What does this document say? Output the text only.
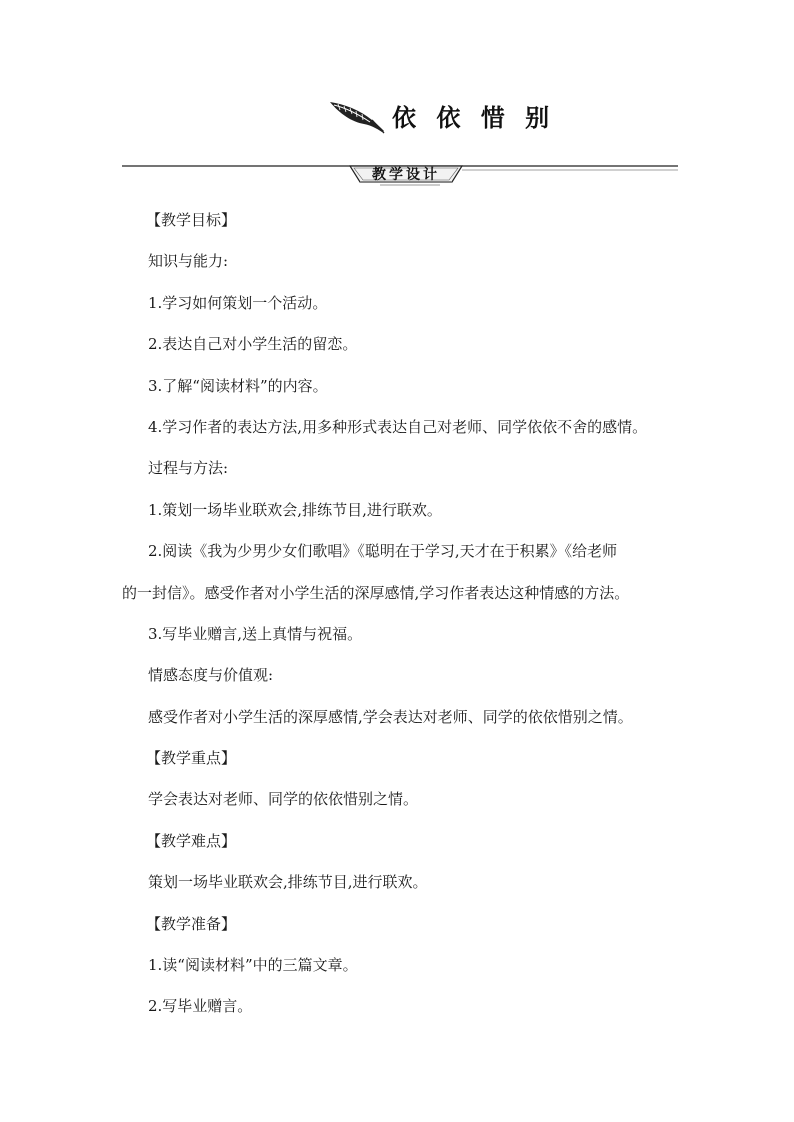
依 依 惜 别
教学设计
【教学目标】
知识与能力:
1.学习如何策划一个活动。
2.表达自己对小学生活的留恋。
3.了解“阅读材料”的内容。
4.学习作者的表达方法,用多种形式表达自己对老师、同学依依不舍的感情。
过程与方法:
1.策划一场毕业联欢会,排练节目,进行联欢。
2.阅读《我为少男少女们歌唱》《聪明在于学习,天才在于积累》《给老师
的一封信》。感受作者对小学生活的深厚感情,学习作者表达这种情感的方法。
3.写毕业赠言,送上真情与祝福。
情感态度与价值观:
感受作者对小学生活的深厚感情,学会表达对老师、同学的依依惜别之情。
【教学重点】
学会表达对老师、同学的依依惜别之情。
【教学难点】
策划一场毕业联欢会,排练节目,进行联欢。
【教学准备】
1.读“阅读材料”中的三篇文章。
2.写毕业赠言。
